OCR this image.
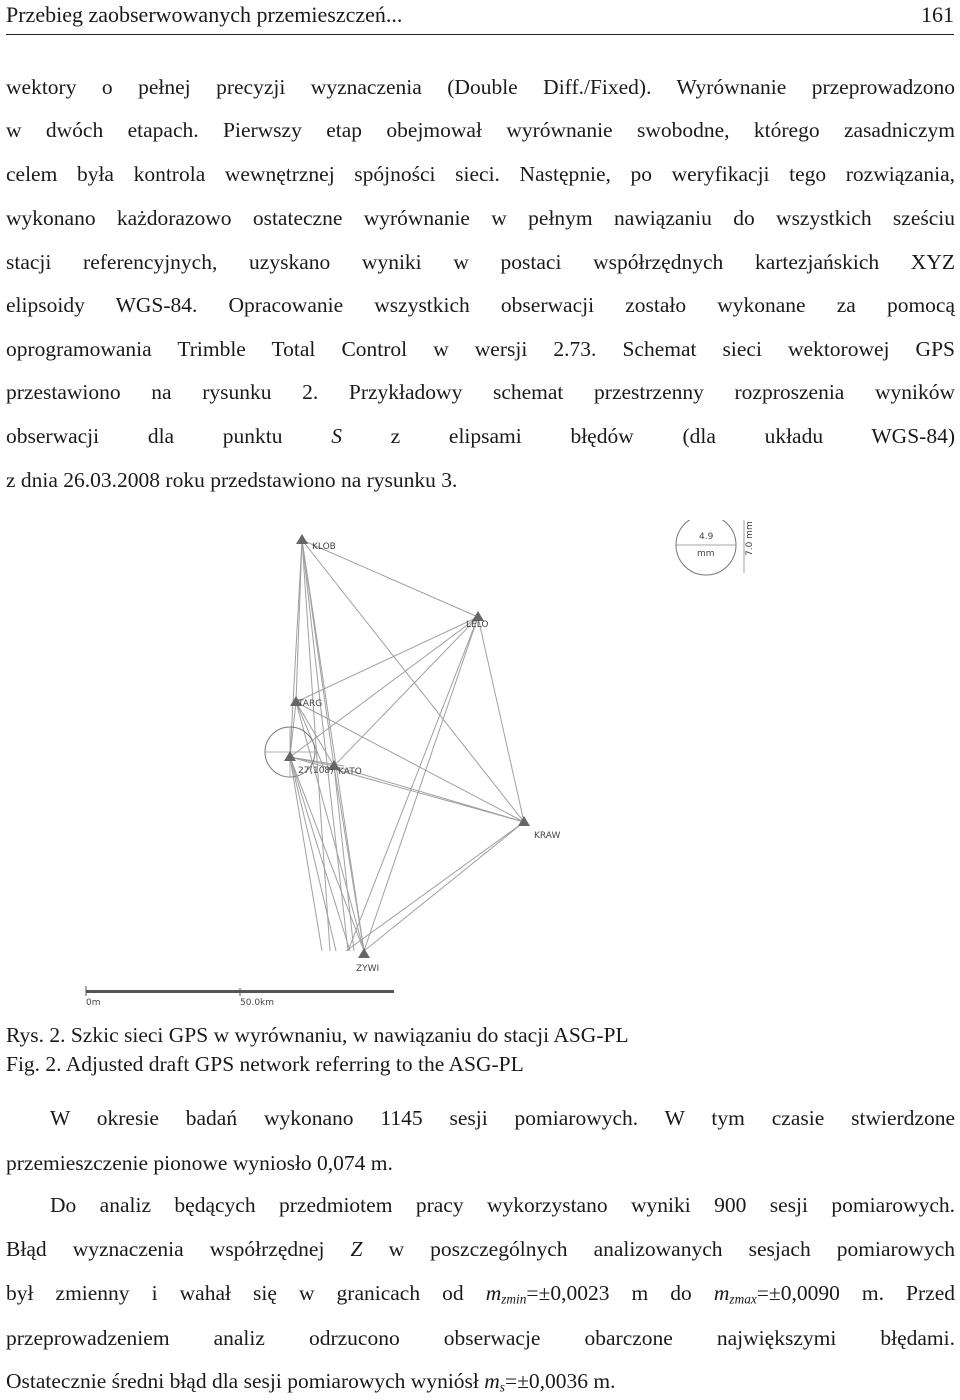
Przebieg zaobserwowanych przemieszczeń...	161
wektory o pełnej precyzji wyznaczenia (Double Diff./Fixed). Wyrównanie przeprowadzono
w dwóch etapach. Pierwszy etap obejmował wyrównanie swobodne, którego zasadniczym
celem była kontrola wewnętrznej spójności sieci. Następnie, po weryfikacji tego rozwiązania,
wykonano każdorazowo ostateczne wyrównanie w pełnym nawiązaniu do wszystkich sześciu
stacji referencyjnych, uzyskano wyniki w postaci współrzędnych kartezjańskich XYZ
elipsoidy WGS-84. Opracowanie wszystkich obserwacji zostało wykonane za pomocą
oprogramowania Trimble Total Control w wersji 2.73. Schemat sieci wektorowej GPS
przestawiono na rysunku 2. Przykładowy schemat przestrzenny rozproszenia wyników
obserwacji dla punktu S z elipsami błędów (dla układu WGS-84)
z dnia 26.03.2008 roku przedstawiono na rysunku 3.
KLOB
LELO
TARG
27(108) KATO
KRAW
ZYWI
4.9
mm	7.0 mm
0m	50.0km
Rys. 2. Szkic sieci GPS w wyrównaniu, w nawiązaniu do stacji ASG-PL
Fig. 2. Adjusted draft GPS network referring to the ASG-PL
W okresie badań wykonano 1145 sesji pomiarowych. W tym czasie stwierdzone
przemieszczenie pionowe wyniosło 0,074 m.
Do analiz będących przedmiotem pracy wykorzystano wyniki 900 sesji pomiarowych.
Błąd wyznaczenia współrzędnej Z w poszczególnych analizowanych sesjach pomiarowych
był zmienny i wahał się w granicach od $m_{zmin}=\pm 0,0023$ m do $m_{zmax}=\pm 0,0090$ m. Przed
przeprowadzeniem analiz odrzucono obserwacje obarczone największymi błędami.
Ostatecznie średni błąd dla sesji pomiarowych wyniósł $m_s=\pm 0,0036$ m.
